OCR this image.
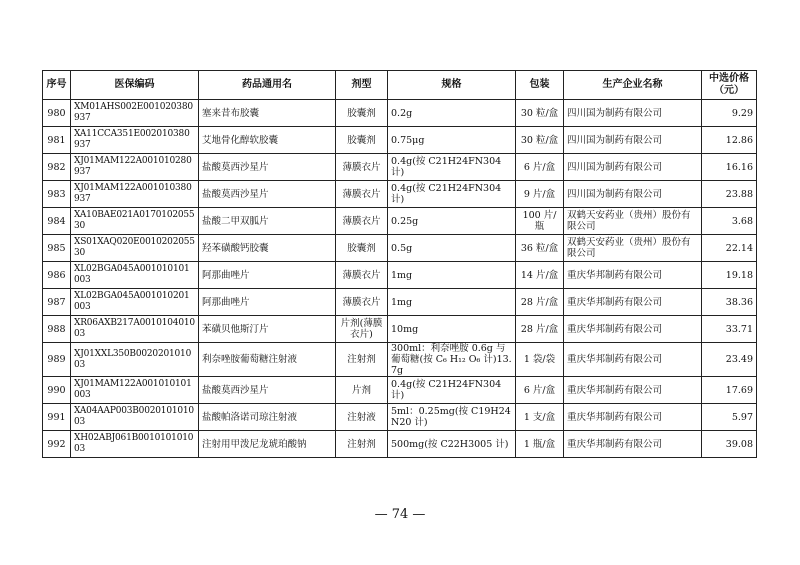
序号	医保编码	药品通用名	剂型	规格	包装	生产企业名称	中选价格（元）
980	XM01AHS002E001020380937	塞来昔布胶囊	胶囊剂	0.2g	30 粒/盒	四川国为制药有限公司	9.29
981	XA11CCA351E002010380937	艾地骨化醇软胶囊	胶囊剂	0.75μg	30 粒/盒	四川国为制药有限公司	12.86
982	XJ01MAM122A001010280937	盐酸莫西沙星片	薄膜衣片	0.4g(按 C21H24FN304 计)	6 片/盒	四川国为制药有限公司	16.16
983	XJ01MAM122A001010380937	盐酸莫西沙星片	薄膜衣片	0.4g(按 C21H24FN304 计)	9 片/盒	四川国为制药有限公司	23.88
984	XA10BAE021A017010205530	盐酸二甲双胍片	薄膜衣片	0.25g	100 片/瓶	双鹤天安药业（贵州）股份有限公司	3.68
985	XS01XAQ020E001020205530	羟苯磺酸钙胶囊	胶囊剂	0.5g	36 粒/盒	双鹤天安药业（贵州）股份有限公司	22.14
986	XL02BGA045A001010101003	阿那曲唑片	薄膜衣片	1mg	14 片/盒	重庆华邦制药有限公司	19.18
987	XL02BGA045A001010201003	阿那曲唑片	薄膜衣片	1mg	28 片/盒	重庆华邦制药有限公司	38.36
988	XR06AXB217A001010401003	苯磺贝他斯汀片	片剂(薄膜衣片)	10mg	28 片/盒	重庆华邦制药有限公司	33.71
989	XJ01XXL350B002020101003	利奈唑胺葡萄糖注射液	注射剂	300ml：利奈唑胺 0.6g 与葡萄糖(按 C₆ H₁₂ O₆ 计)13.7g	1 袋/袋	重庆华邦制药有限公司	23.49
990	XJ01MAM122A001010101003	盐酸莫西沙星片	片剂	0.4g(按 C21H24FN304 计)	6 片/盒	重庆华邦制药有限公司	17.69
991	XA04AAP003B002010101003	盐酸帕洛诺司琼注射液	注射液	5ml：0.25mg(按 C19H24N20 计)	1 支/盒	重庆华邦制药有限公司	5.97
992	XH02ABJ061B001010101003	注射用甲泼尼龙琥珀酸钠	注射剂	500mg(按 C22H3005 计)	1 瓶/盒	重庆华邦制药有限公司	39.08
— 74 —
